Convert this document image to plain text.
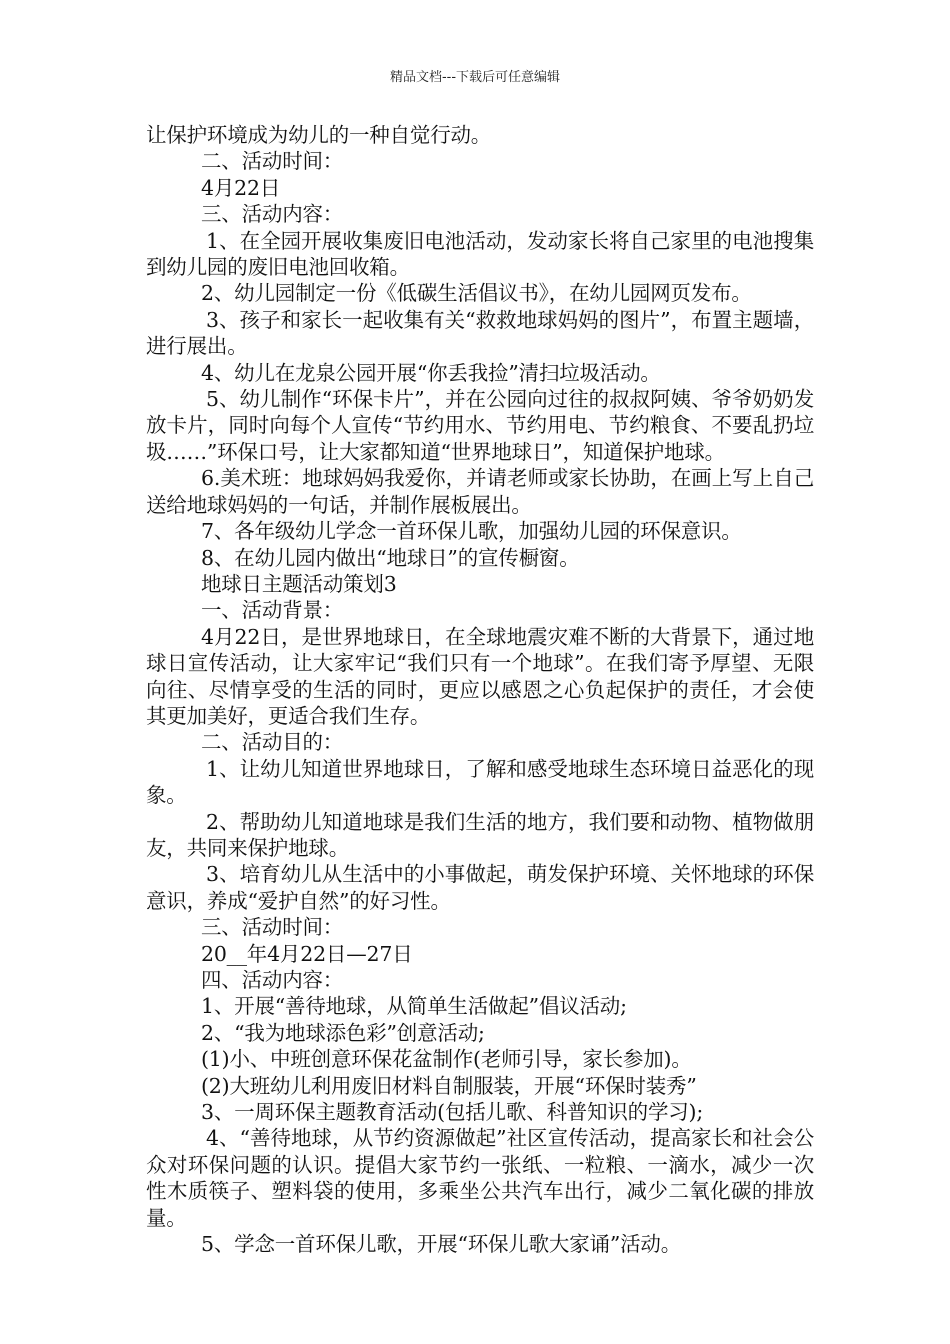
精品文档---下载后可任意编辑

让保护环境成为幼儿的一种自觉行动。

二、活动时间：

4月22日

三、活动内容：

1、在全园开展收集废旧电池活动，发动家长将自己家里的电池搜集到幼儿园的废旧电池回收箱。

2、幼儿园制定一份《低碳生活倡议书》，在幼儿园网页发布。

3、孩子和家长一起收集有关“救救地球妈妈的图片”，布置主题墙，进行展出。

4、幼儿在龙泉公园开展“你丢我捡”清扫垃圾活动。

5、幼儿制作“环保卡片”，并在公园向过往的叔叔阿姨、爷爷奶奶发放卡片，同时向每个人宣传“节约用水、节约用电、节约粮食、不要乱扔垃圾……”环保口号，让大家都知道“世界地球日”，知道保护地球。

6.美术班：地球妈妈我爱你，并请老师或家长协助，在画上写上自己送给地球妈妈的一句话，并制作展板展出。

7、各年级幼儿学念一首环保儿歌，加强幼儿园的环保意识。

8、在幼儿园内做出“地球日”的宣传橱窗。

地球日主题活动策划3

一、活动背景：

4月22日，是世界地球日，在全球地震灾难不断的大背景下，通过地球日宣传活动，让大家牢记“我们只有一个地球”。在我们寄予厚望、无限向往、尽情享受的生活的同时，更应以感恩之心负起保护的责任，才会使其更加美好，更适合我们生存。

二、活动目的：

1、让幼儿知道世界地球日，了解和感受地球生态环境日益恶化的现象。

2、帮助幼儿知道地球是我们生活的地方，我们要和动物、植物做朋友，共同来保护地球。

3、培育幼儿从生活中的小事做起，萌发保护环境、关怀地球的环保意识，养成“爱护自然”的好习性。

三、活动时间：

20__年4月22日—27日

四、活动内容：

1、开展“善待地球，从简单生活做起”倡议活动;

2、“我为地球添色彩”创意活动;

(1)小、中班创意环保花盆制作(老师引导，家长参加)。

(2)大班幼儿利用废旧材料自制服装，开展“环保时装秀”

3、一周环保主题教育活动(包括儿歌、科普知识的学习);

4、“善待地球，从节约资源做起”社区宣传活动，提高家长和社会公众对环保问题的认识。提倡大家节约一张纸、一粒粮、一滴水，减少一次性木质筷子、塑料袋的使用，多乘坐公共汽车出行，减少二氧化碳的排放量。

5、学念一首环保儿歌，开展“环保儿歌大家诵”活动。
